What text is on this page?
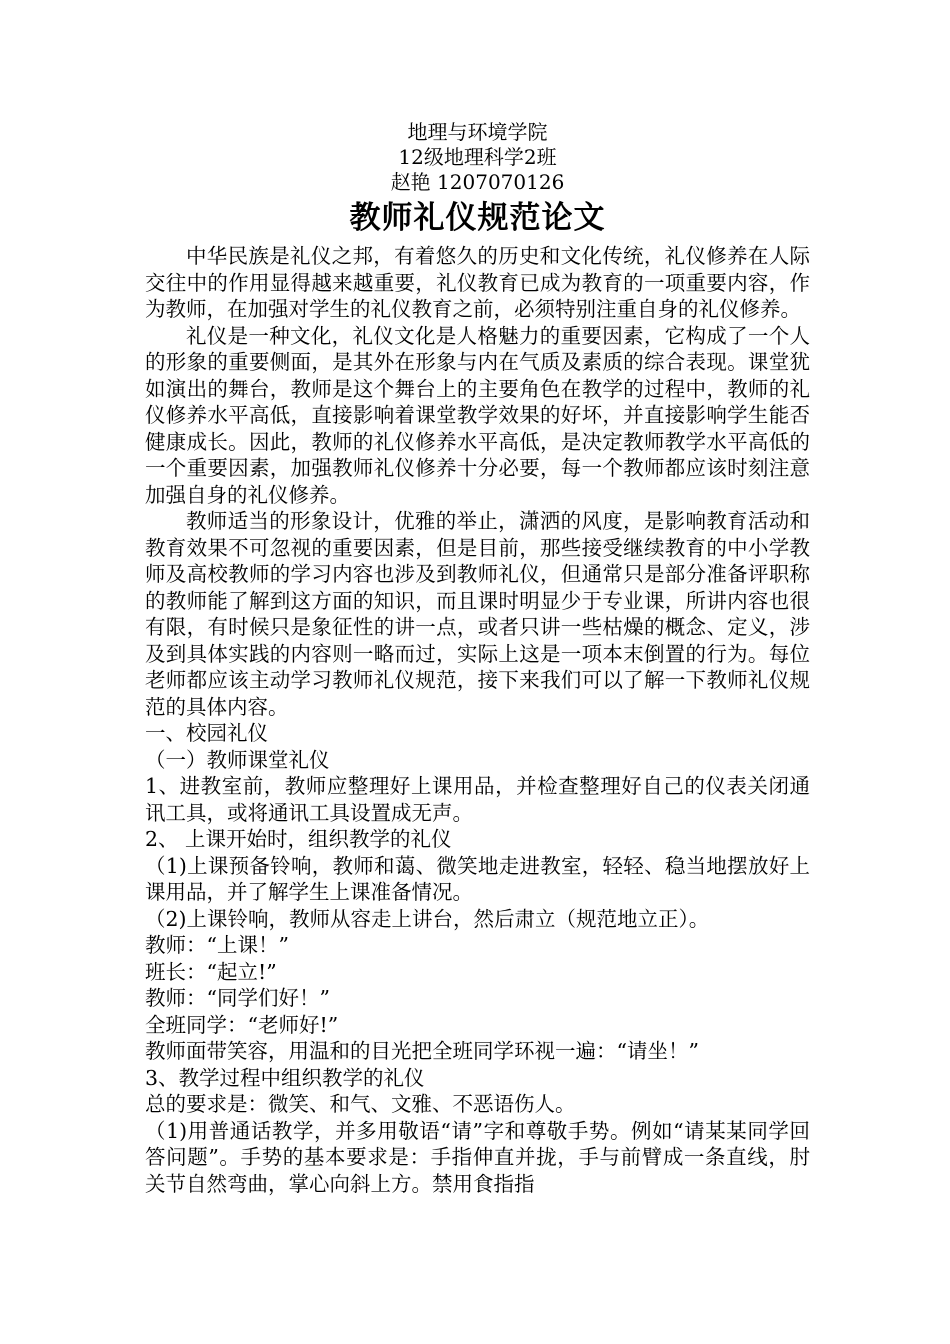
地理与环境学院

12级地理科学2班

赵艳 1207070126

教师礼仪规范论文

中华民族是礼仪之邦，有着悠久的历史和文化传统，礼仪修养在人际交往中的作用显得越来越重要，礼仪教育已成为教育的一项重要内容，作为教师，在加强对学生的礼仪教育之前，必须特别注重自身的礼仪修养。

礼仪是一种文化，礼仪文化是人格魅力的重要因素，它构成了一个人的形象的重要侧面，是其外在形象与内在气质及素质的综合表现。课堂犹如演出的舞台，教师是这个舞台上的主要角色在教学的过程中，教师的礼仪修养水平高低，直接影响着课堂教学效果的好坏，并直接影响学生能否健康成长。因此，教师的礼仪修养水平高低，是决定教师教学水平高低的一个重要因素，加强教师礼仪修养十分必要，每一个教师都应该时刻注意加强自身的礼仪修养。

教师适当的形象设计，优雅的举止，潇洒的风度，是影响教育活动和教育效果不可忽视的重要因素，但是目前，那些接受继续教育的中小学教师及高校教师的学习内容也涉及到教师礼仪，但通常只是部分准备评职称的教师能了解到这方面的知识，而且课时明显少于专业课，所讲内容也很有限，有时候只是象征性的讲一点，或者只讲一些枯燥的概念、定义，涉及到具体实践的内容则一略而过，实际上这是一项本末倒置的行为。每位老师都应该主动学习教师礼仪规范，接下来我们可以了解一下教师礼仪规范的具体内容。

一、校园礼仪

（一）教师课堂礼仪

1、进教室前，教师应整理好上课用品，并检查整理好自己的仪表关闭通讯工具，或将通讯工具设置成无声。

2、 上课开始时，组织教学的礼仪

（1)上课预备铃响，教师和蔼、微笑地走进教室，轻轻、稳当地摆放好上课用品，并了解学生上课准备情况。

（2)上课铃响，教师从容走上讲台，然后肃立（规范地立正）。

教师：“上课！”

班长：“起立!”

教师：“同学们好！”

全班同学：“老师好!”

教师面带笑容，用温和的目光把全班同学环视一遍：“请坐！”

3、教学过程中组织教学的礼仪

总的要求是：微笑、和气、文雅、不恶语伤人。

（1)用普通话教学，并多用敬语“请”字和尊敬手势。例如“请某某同学回答问题”。手势的基本要求是：手指伸直并拢，手与前臂成一条直线，肘关节自然弯曲，掌心向斜上方。禁用食指指
